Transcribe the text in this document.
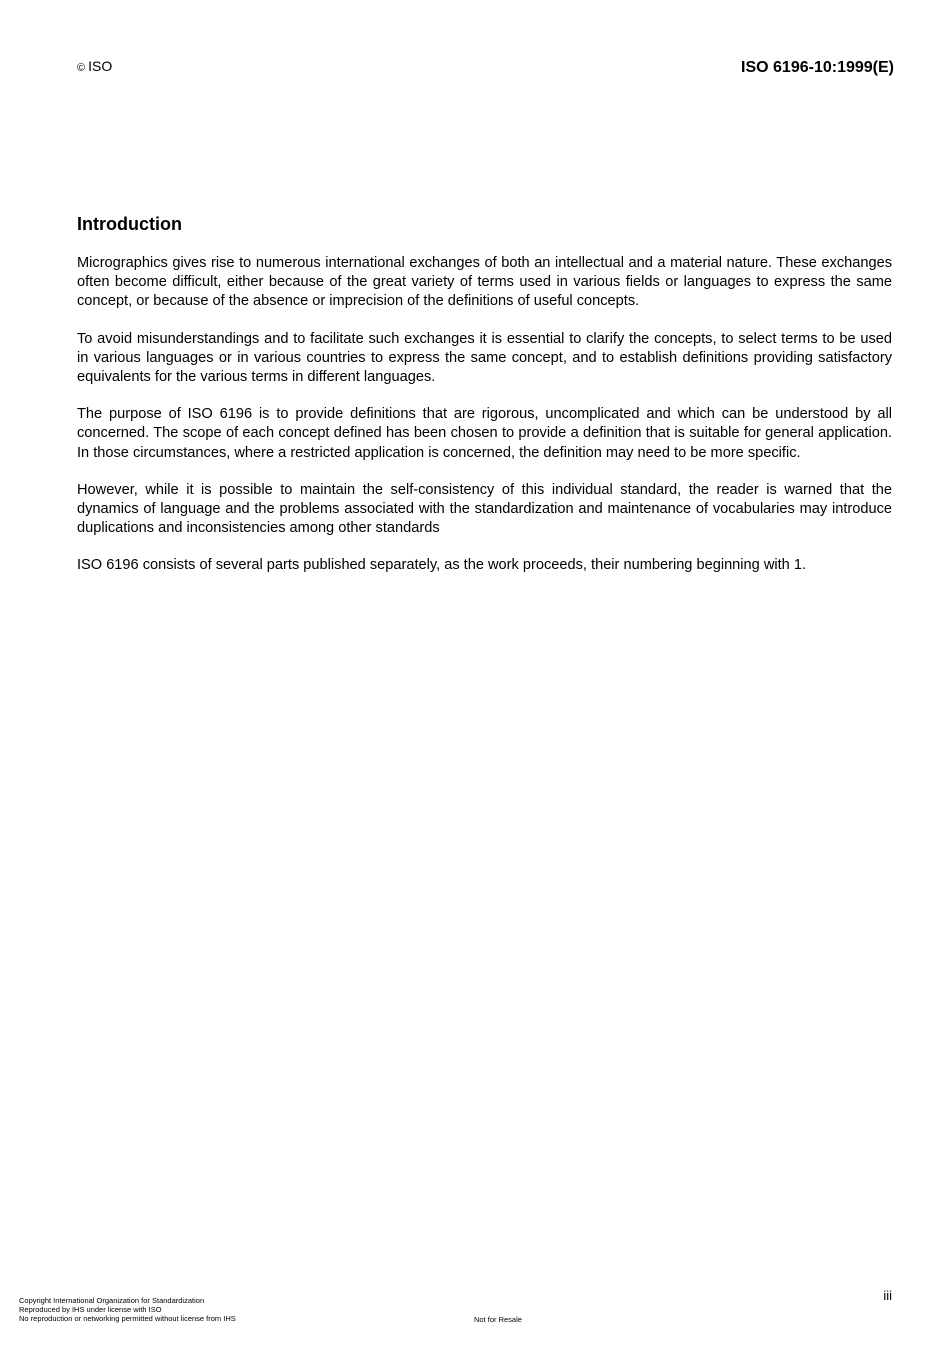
© ISO	ISO 6196-10:1999(E)
Introduction

Micrographics gives rise to numerous international exchanges of both an intellectual and a material nature. These exchanges often become difficult, either because of the great variety of terms used in various fields or languages to express the same concept, or because of the absence or imprecision of the definitions of useful concepts.

To avoid misunderstandings and to facilitate such exchanges it is essential to clarify the concepts, to select terms to be used in various languages or in various countries to express the same concept, and to establish definitions providing satisfactory equivalents for the various terms in different languages.

The purpose of ISO 6196 is to provide definitions that are rigorous, uncomplicated and which can be understood by all concerned. The scope of each concept defined has been chosen to provide a definition that is suitable for general application. In those circumstances, where a restricted application is concerned, the definition may need to be more specific.

However, while it is possible to maintain the self-consistency of this individual standard, the reader is warned that the dynamics of language and the problems associated with the standardization and maintenance of vocabularies may introduce duplications and inconsistencies among other standards

ISO 6196 consists of several parts published separately, as the work proceeds, their numbering beginning with 1.

iii
Copyright International Organization for Standardization
Reproduced by IHS under license with ISO
No reproduction or networking permitted without license from IHS	Not for Resale
